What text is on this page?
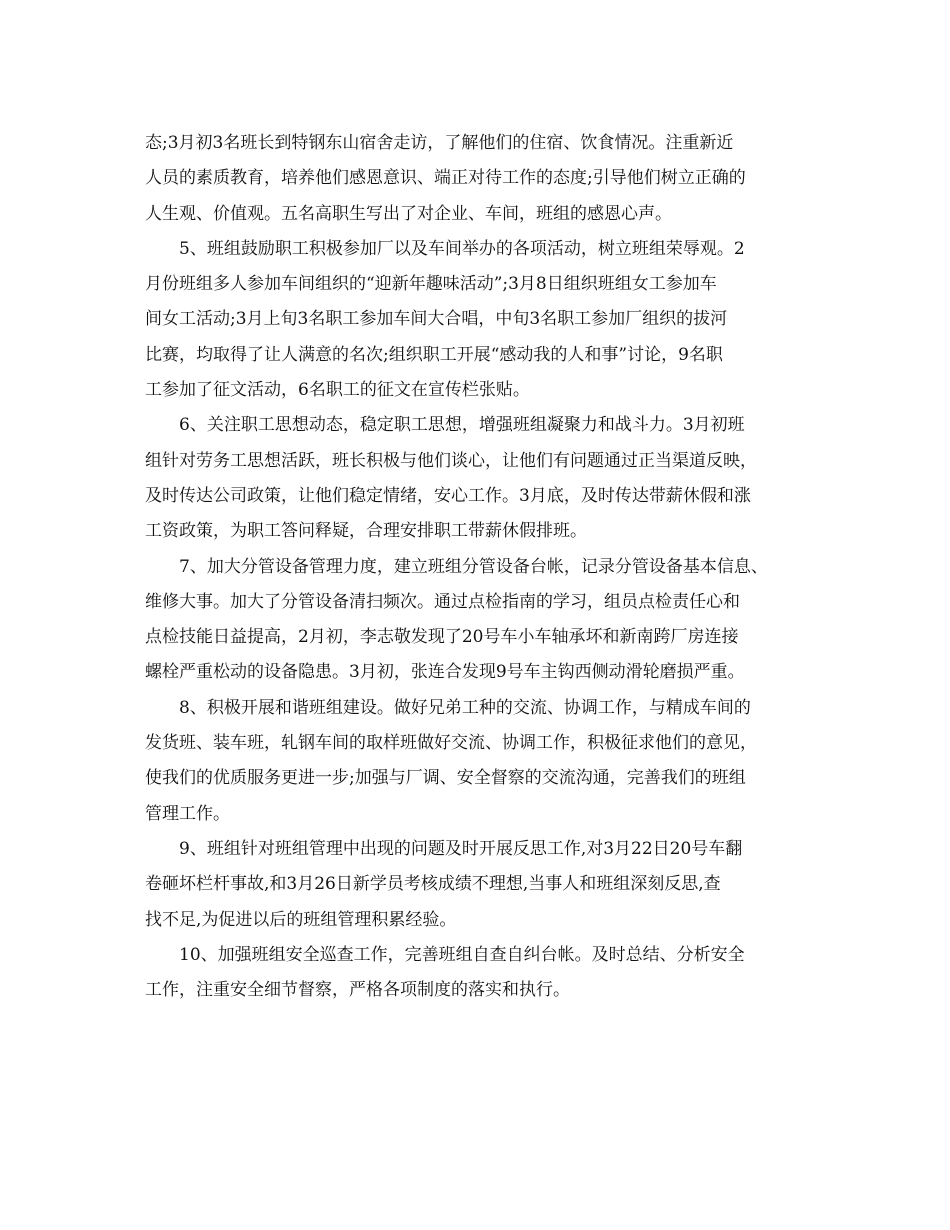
态;3月初3名班长到特钢东山宿舍走访，了解他们的住宿、饮食情况。注重新近
人员的素质教育，培养他们感恩意识、端正对待工作的态度;引导他们树立正确的
人生观、价值观。五名高职生写出了对企业、车间，班组的感恩心声。
5、班组鼓励职工积极参加厂以及车间举办的各项活动，树立班组荣辱观。2
月份班组多人参加车间组织的“迎新年趣味活动”;3月8日组织班组女工参加车
间女工活动;3月上旬3名职工参加车间大合唱，中旬3名职工参加厂组织的拔河
比赛，均取得了让人满意的名次;组织职工开展“感动我的人和事”讨论，9名职
工参加了征文活动，6名职工的征文在宣传栏张贴。
6、关注职工思想动态，稳定职工思想，增强班组凝聚力和战斗力。3月初班
组针对劳务工思想活跃，班长积极与他们谈心，让他们有问题通过正当渠道反映，
及时传达公司政策，让他们稳定情绪，安心工作。3月底，及时传达带薪休假和涨
工资政策，为职工答问释疑，合理安排职工带薪休假排班。
7、加大分管设备管理力度，建立班组分管设备台帐，记录分管设备基本信息、
维修大事。加大了分管设备清扫频次。通过点检指南的学习，组员点检责任心和
点检技能日益提高，2月初，李志敬发现了20号车小车轴承坏和新南跨厂房连接
螺栓严重松动的设备隐患。3月初，张连合发现9号车主钩西侧动滑轮磨损严重。
8、积极开展和谐班组建设。做好兄弟工种的交流、协调工作，与精成车间的
发货班、装车班，轧钢车间的取样班做好交流、协调工作，积极征求他们的意见，
使我们的优质服务更进一步;加强与厂调、安全督察的交流沟通，完善我们的班组
管理工作。
9、班组针对班组管理中出现的问题及时开展反思工作,对3月22日20号车翻
卷砸坏栏杆事故,和3月26日新学员考核成绩不理想,当事人和班组深刻反思,查
找不足,为促进以后的班组管理积累经验。
10、加强班组安全巡查工作，完善班组自查自纠台帐。及时总结、分析安全
工作，注重安全细节督察，严格各项制度的落实和执行。
